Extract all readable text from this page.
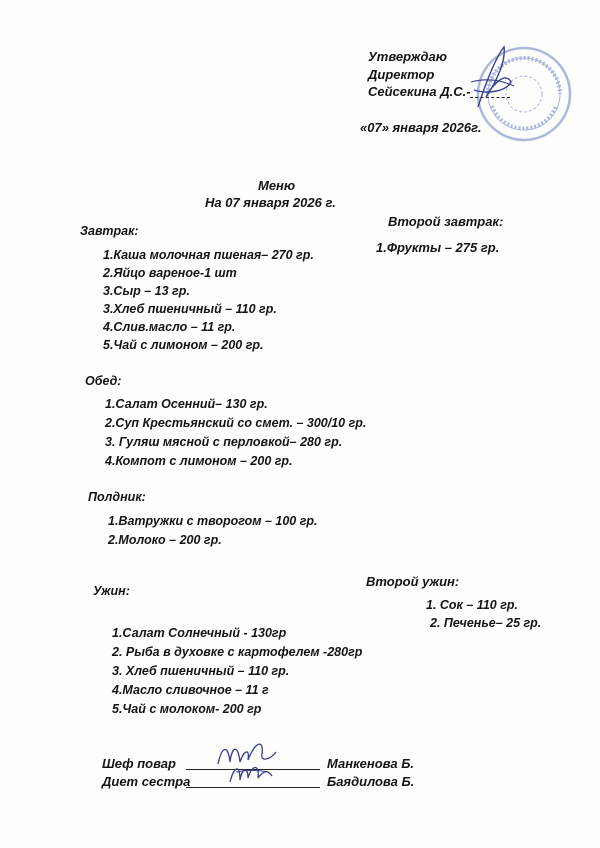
Утверждаю
Директор
Сейсекина Д.С.-
«07» января 2026г.
Меню
На 07 января 2026 г.
Завтрак:
1.Каша молочная пшеная– 270 гр.
2.Яйцо вареное-1 шт
3.Сыр – 13 гр.
3.Хлеб пшеничный – 110 гр.
4.Слив.масло – 11 гр.
5.Чай с лимоном – 200 гр.
Второй завтрак:
1.Фрукты – 275 гр.
Обед:
1.Салат Осенний– 130 гр.
2.Суп Крестьянский со смет. – 300/10 гр.
3. Гуляш мясной с перловкой– 280 гр.
4.Компот с лимоном – 200 гр.
Полдник:
1.Ватружки с творогом – 100 гр.
2.Молоко – 200 гр.
Ужин:
1.Салат Солнечный - 130гр
2. Рыба в духовке с картофелем -280гр
3. Хлеб пшеничный – 110 гр.
4.Масло сливочное – 11 г
5.Чай с молоком- 200 гр
Второй ужин:
1. Сок – 110 гр.
2. Печенье– 25 гр.
Шеф повар	Манкенова Б.
Диет сестра	Баядилова Б.
